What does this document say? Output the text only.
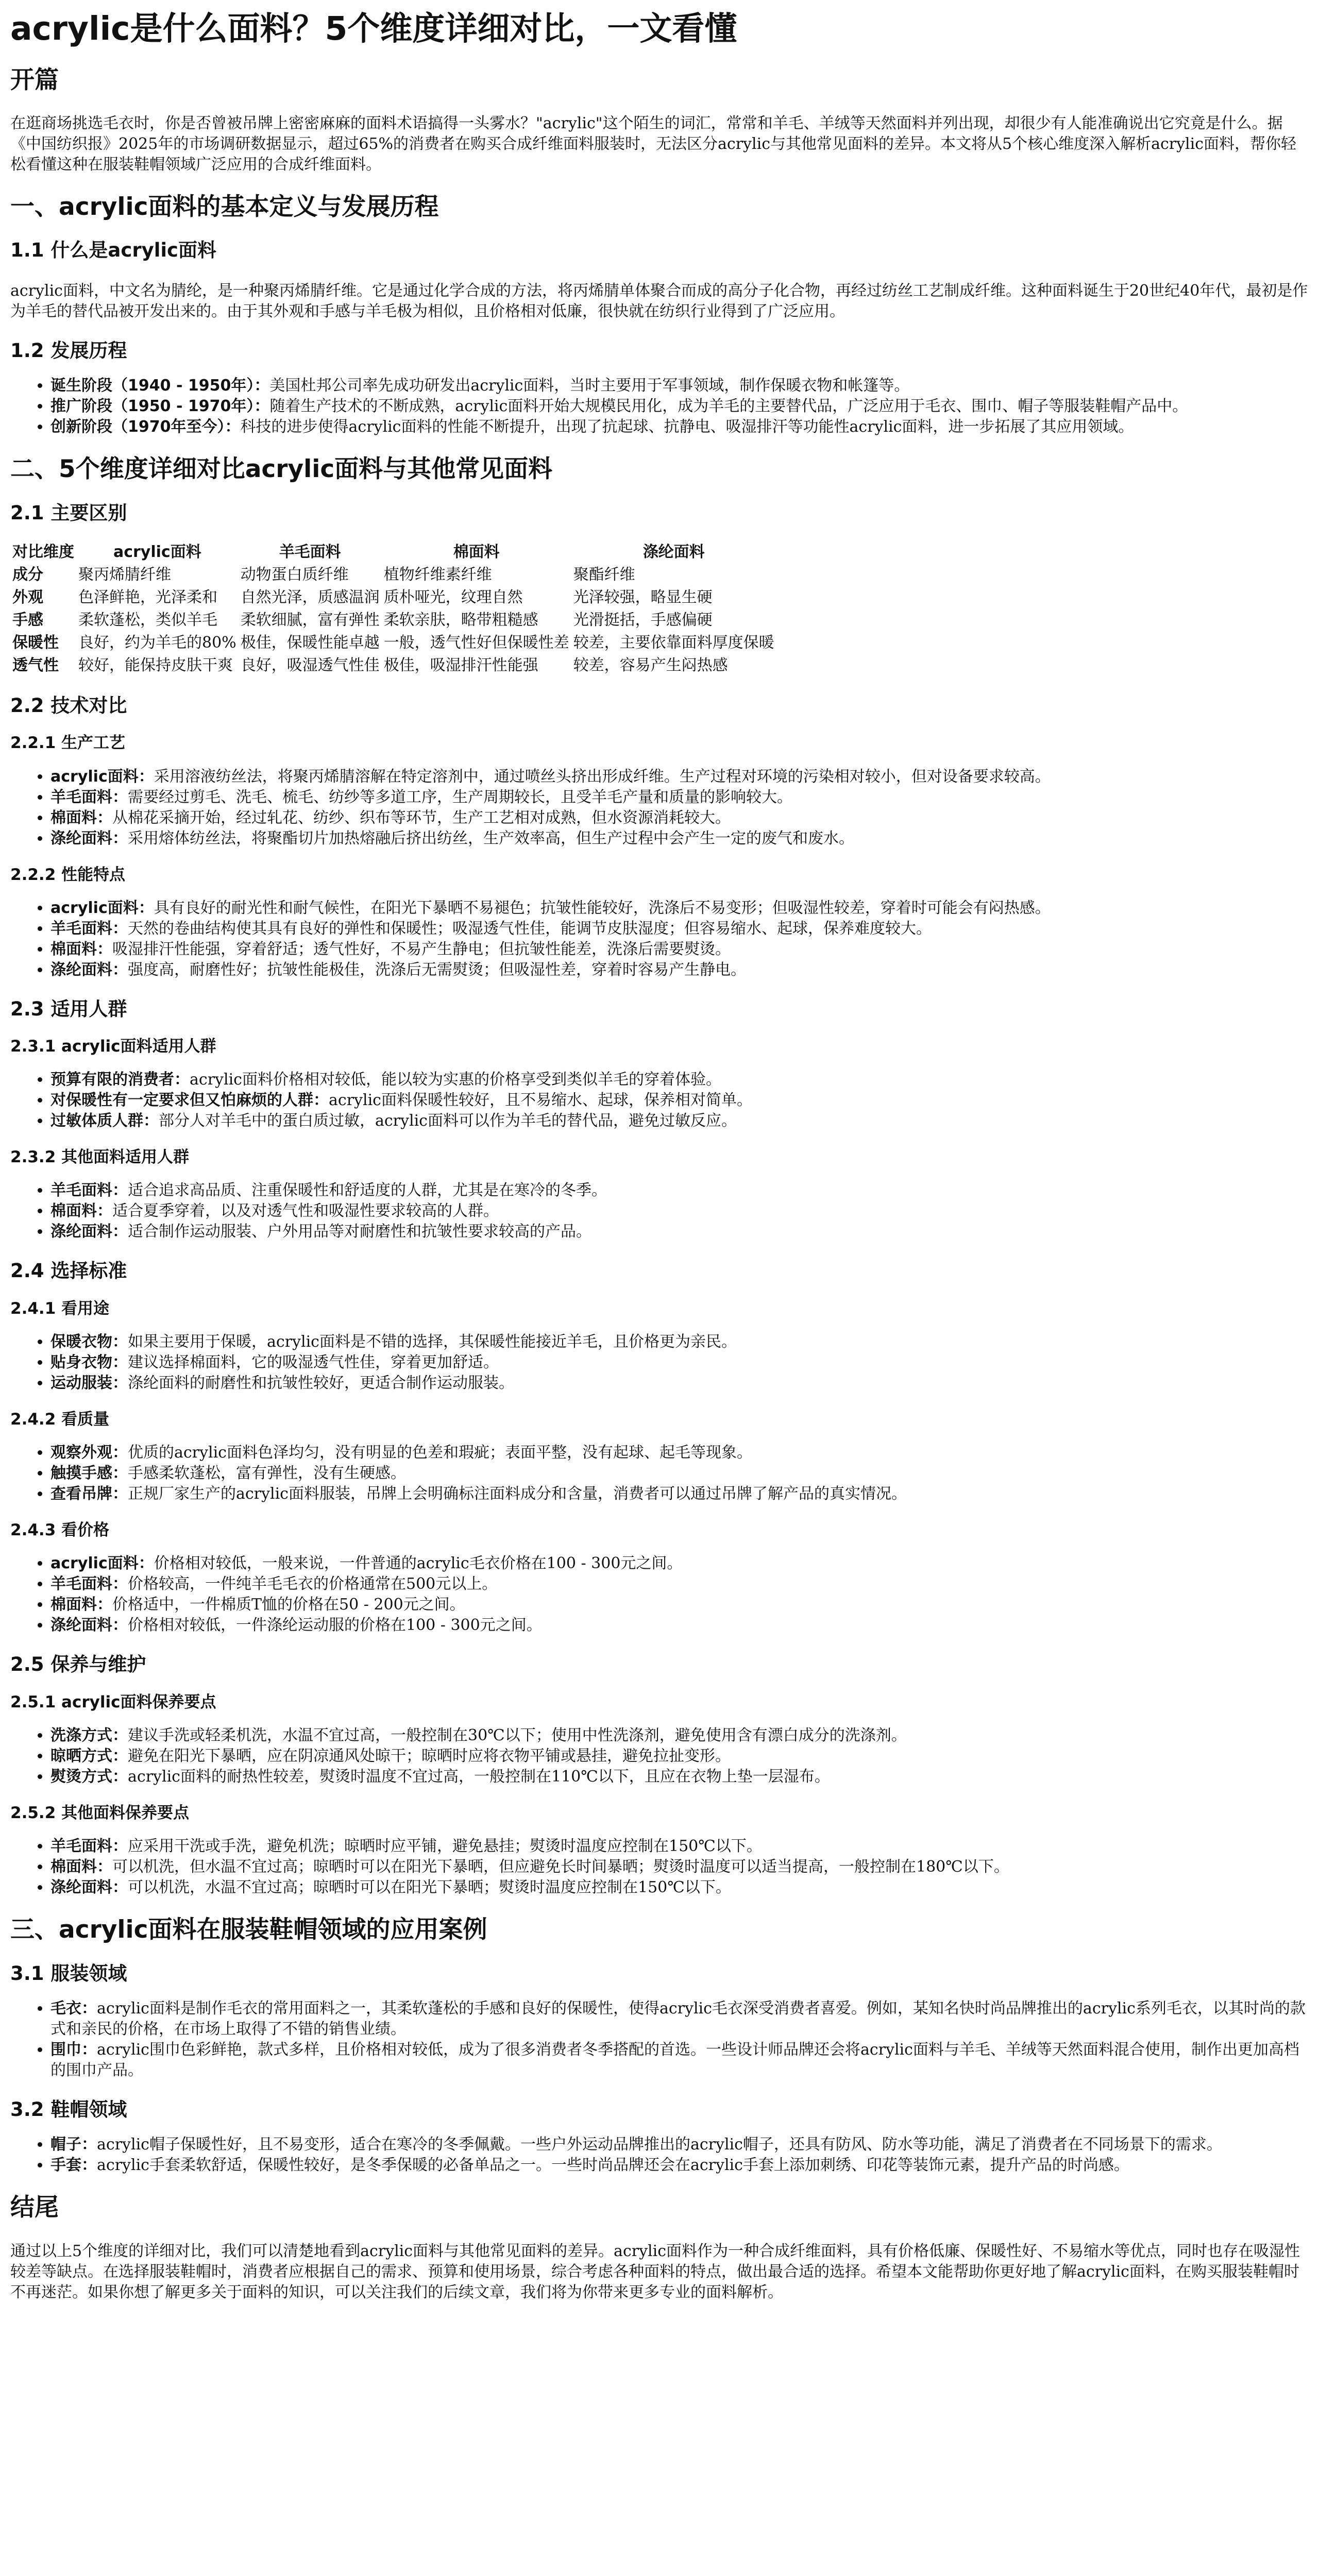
acrylic是什么面料？5个维度详细对比，一文看懂
开篇

在逛商场挑选毛衣时，你是否曾被吊牌上密密麻麻的面料术语搞得一头雾水？"acrylic"这个陌生的词汇，常常和羊毛、羊绒等天然面料并列出现，却很少有人能准确说出它究竟是什么。据《中国纺织报》2025年的市场调研数据显示，超过65%的消费者在购买合成纤维面料服装时，无法区分acrylic与其他常见面料的差异。本文将从5个核心维度深入解析acrylic面料，帮你轻松看懂这种在服装鞋帽领域广泛应用的合成纤维面料。

一、acrylic面料的基本定义与发展历程
1.1 什么是acrylic面料

acrylic面料，中文名为腈纶，是一种聚丙烯腈纤维。它是通过化学合成的方法，将丙烯腈单体聚合而成的高分子化合物，再经过纺丝工艺制成纤维。这种面料诞生于20世纪40年代，最初是作为羊毛的替代品被开发出来的。由于其外观和手感与羊毛极为相似，且价格相对低廉，很快就在纺织行业得到了广泛应用。

1.2 发展历程
• 诞生阶段（1940 - 1950年）：美国杜邦公司率先成功研发出acrylic面料，当时主要用于军事领域，制作保暖衣物和帐篷等。
• 推广阶段（1950 - 1970年）：随着生产技术的不断成熟，acrylic面料开始大规模民用化，成为羊毛的主要替代品，广泛应用于毛衣、围巾、帽子等服装鞋帽产品中。
• 创新阶段（1970年至今）：科技的进步使得acrylic面料的性能不断提升，出现了抗起球、抗静电、吸湿排汗等功能性acrylic面料，进一步拓展了其应用领域。
二、5个维度详细对比acrylic面料与其他常见面料
2.1 主要区别
对比维度	acrylic面料	羊毛面料	棉面料	涤纶面料
成分	聚丙烯腈纤维	动物蛋白质纤维	植物纤维素纤维	聚酯纤维
外观	色泽鲜艳，光泽柔和	自然光泽，质感温润	质朴哑光，纹理自然	光泽较强，略显生硬
手感	柔软蓬松，类似羊毛	柔软细腻，富有弹性	柔软亲肤，略带粗糙感	光滑挺括，手感偏硬
保暖性	良好，约为羊毛的80%	极佳，保暖性能卓越	一般，透气性好但保暖性差	较差，主要依靠面料厚度保暖
透气性	较好，能保持皮肤干爽	良好，吸湿透气性佳	极佳，吸湿排汗性能强	较差，容易产生闷热感
2.2 技术对比
2.2.1 生产工艺
• acrylic面料：采用溶液纺丝法，将聚丙烯腈溶解在特定溶剂中，通过喷丝头挤出形成纤维。生产过程对环境的污染相对较小，但对设备要求较高。
• 羊毛面料：需要经过剪毛、洗毛、梳毛、纺纱等多道工序，生产周期较长，且受羊毛产量和质量的影响较大。
• 棉面料：从棉花采摘开始，经过轧花、纺纱、织布等环节，生产工艺相对成熟，但水资源消耗较大。
• 涤纶面料：采用熔体纺丝法，将聚酯切片加热熔融后挤出纺丝，生产效率高，但生产过程中会产生一定的废气和废水。
2.2.2 性能特点
• acrylic面料：具有良好的耐光性和耐气候性，在阳光下暴晒不易褪色；抗皱性能较好，洗涤后不易变形；但吸湿性较差，穿着时可能会有闷热感。
• 羊毛面料：天然的卷曲结构使其具有良好的弹性和保暖性；吸湿透气性佳，能调节皮肤湿度；但容易缩水、起球，保养难度较大。
• 棉面料：吸湿排汗性能强，穿着舒适；透气性好，不易产生静电；但抗皱性能差，洗涤后需要熨烫。
• 涤纶面料：强度高，耐磨性好；抗皱性能极佳，洗涤后无需熨烫；但吸湿性差，穿着时容易产生静电。
2.3 适用人群
2.3.1 acrylic面料适用人群
• 预算有限的消费者：acrylic面料价格相对较低，能以较为实惠的价格享受到类似羊毛的穿着体验。
• 对保暖性有一定要求但又怕麻烦的人群：acrylic面料保暖性较好，且不易缩水、起球，保养相对简单。
• 过敏体质人群：部分人对羊毛中的蛋白质过敏，acrylic面料可以作为羊毛的替代品，避免过敏反应。
2.3.2 其他面料适用人群
• 羊毛面料：适合追求高品质、注重保暖性和舒适度的人群，尤其是在寒冷的冬季。
• 棉面料：适合夏季穿着，以及对透气性和吸湿性要求较高的人群。
• 涤纶面料：适合制作运动服装、户外用品等对耐磨性和抗皱性要求较高的产品。
2.4 选择标准
2.4.1 看用途
• 保暖衣物：如果主要用于保暖，acrylic面料是不错的选择，其保暖性能接近羊毛，且价格更为亲民。
• 贴身衣物：建议选择棉面料，它的吸湿透气性佳，穿着更加舒适。
• 运动服装：涤纶面料的耐磨性和抗皱性较好，更适合制作运动服装。
2.4.2 看质量
• 观察外观：优质的acrylic面料色泽均匀，没有明显的色差和瑕疵；表面平整，没有起球、起毛等现象。
• 触摸手感：手感柔软蓬松，富有弹性，没有生硬感。
• 查看吊牌：正规厂家生产的acrylic面料服装，吊牌上会明确标注面料成分和含量，消费者可以通过吊牌了解产品的真实情况。
2.4.3 看价格
• acrylic面料：价格相对较低，一般来说，一件普通的acrylic毛衣价格在100 - 300元之间。
• 羊毛面料：价格较高，一件纯羊毛毛衣的价格通常在500元以上。
• 棉面料：价格适中，一件棉质T恤的价格在50 - 200元之间。
• 涤纶面料：价格相对较低，一件涤纶运动服的价格在100 - 300元之间。
2.5 保养与维护
2.5.1 acrylic面料保养要点
• 洗涤方式：建议手洗或轻柔机洗，水温不宜过高，一般控制在30℃以下；使用中性洗涤剂，避免使用含有漂白成分的洗涤剂。
• 晾晒方式：避免在阳光下暴晒，应在阴凉通风处晾干；晾晒时应将衣物平铺或悬挂，避免拉扯变形。
• 熨烫方式：acrylic面料的耐热性较差，熨烫时温度不宜过高，一般控制在110℃以下，且应在衣物上垫一层湿布。
2.5.2 其他面料保养要点
• 羊毛面料：应采用干洗或手洗，避免机洗；晾晒时应平铺，避免悬挂；熨烫时温度应控制在150℃以下。
• 棉面料：可以机洗，但水温不宜过高；晾晒时可以在阳光下暴晒，但应避免长时间暴晒；熨烫时温度可以适当提高，一般控制在180℃以下。
• 涤纶面料：可以机洗，水温不宜过高；晾晒时可以在阳光下暴晒；熨烫时温度应控制在150℃以下。
三、acrylic面料在服装鞋帽领域的应用案例
3.1 服装领域
• 毛衣：acrylic面料是制作毛衣的常用面料之一，其柔软蓬松的手感和良好的保暖性，使得acrylic毛衣深受消费者喜爱。例如，某知名快时尚品牌推出的acrylic系列毛衣，以其时尚的款式和亲民的价格，在市场上取得了不错的销售业绩。
• 围巾：acrylic围巾色彩鲜艳，款式多样，且价格相对较低，成为了很多消费者冬季搭配的首选。一些设计师品牌还会将acrylic面料与羊毛、羊绒等天然面料混合使用，制作出更加高档的围巾产品。
3.2 鞋帽领域
• 帽子：acrylic帽子保暖性好，且不易变形，适合在寒冷的冬季佩戴。一些户外运动品牌推出的acrylic帽子，还具有防风、防水等功能，满足了消费者在不同场景下的需求。
• 手套：acrylic手套柔软舒适，保暖性较好，是冬季保暖的必备单品之一。一些时尚品牌还会在acrylic手套上添加刺绣、印花等装饰元素，提升产品的时尚感。
结尾

通过以上5个维度的详细对比，我们可以清楚地看到acrylic面料与其他常见面料的差异。acrylic面料作为一种合成纤维面料，具有价格低廉、保暖性好、不易缩水等优点，同时也存在吸湿性较差等缺点。在选择服装鞋帽时，消费者应根据自己的需求、预算和使用场景，综合考虑各种面料的特点，做出最合适的选择。希望本文能帮助你更好地了解acrylic面料，在购买服装鞋帽时不再迷茫。如果你想了解更多关于面料的知识，可以关注我们的后续文章，我们将为你带来更多专业的面料解析。
